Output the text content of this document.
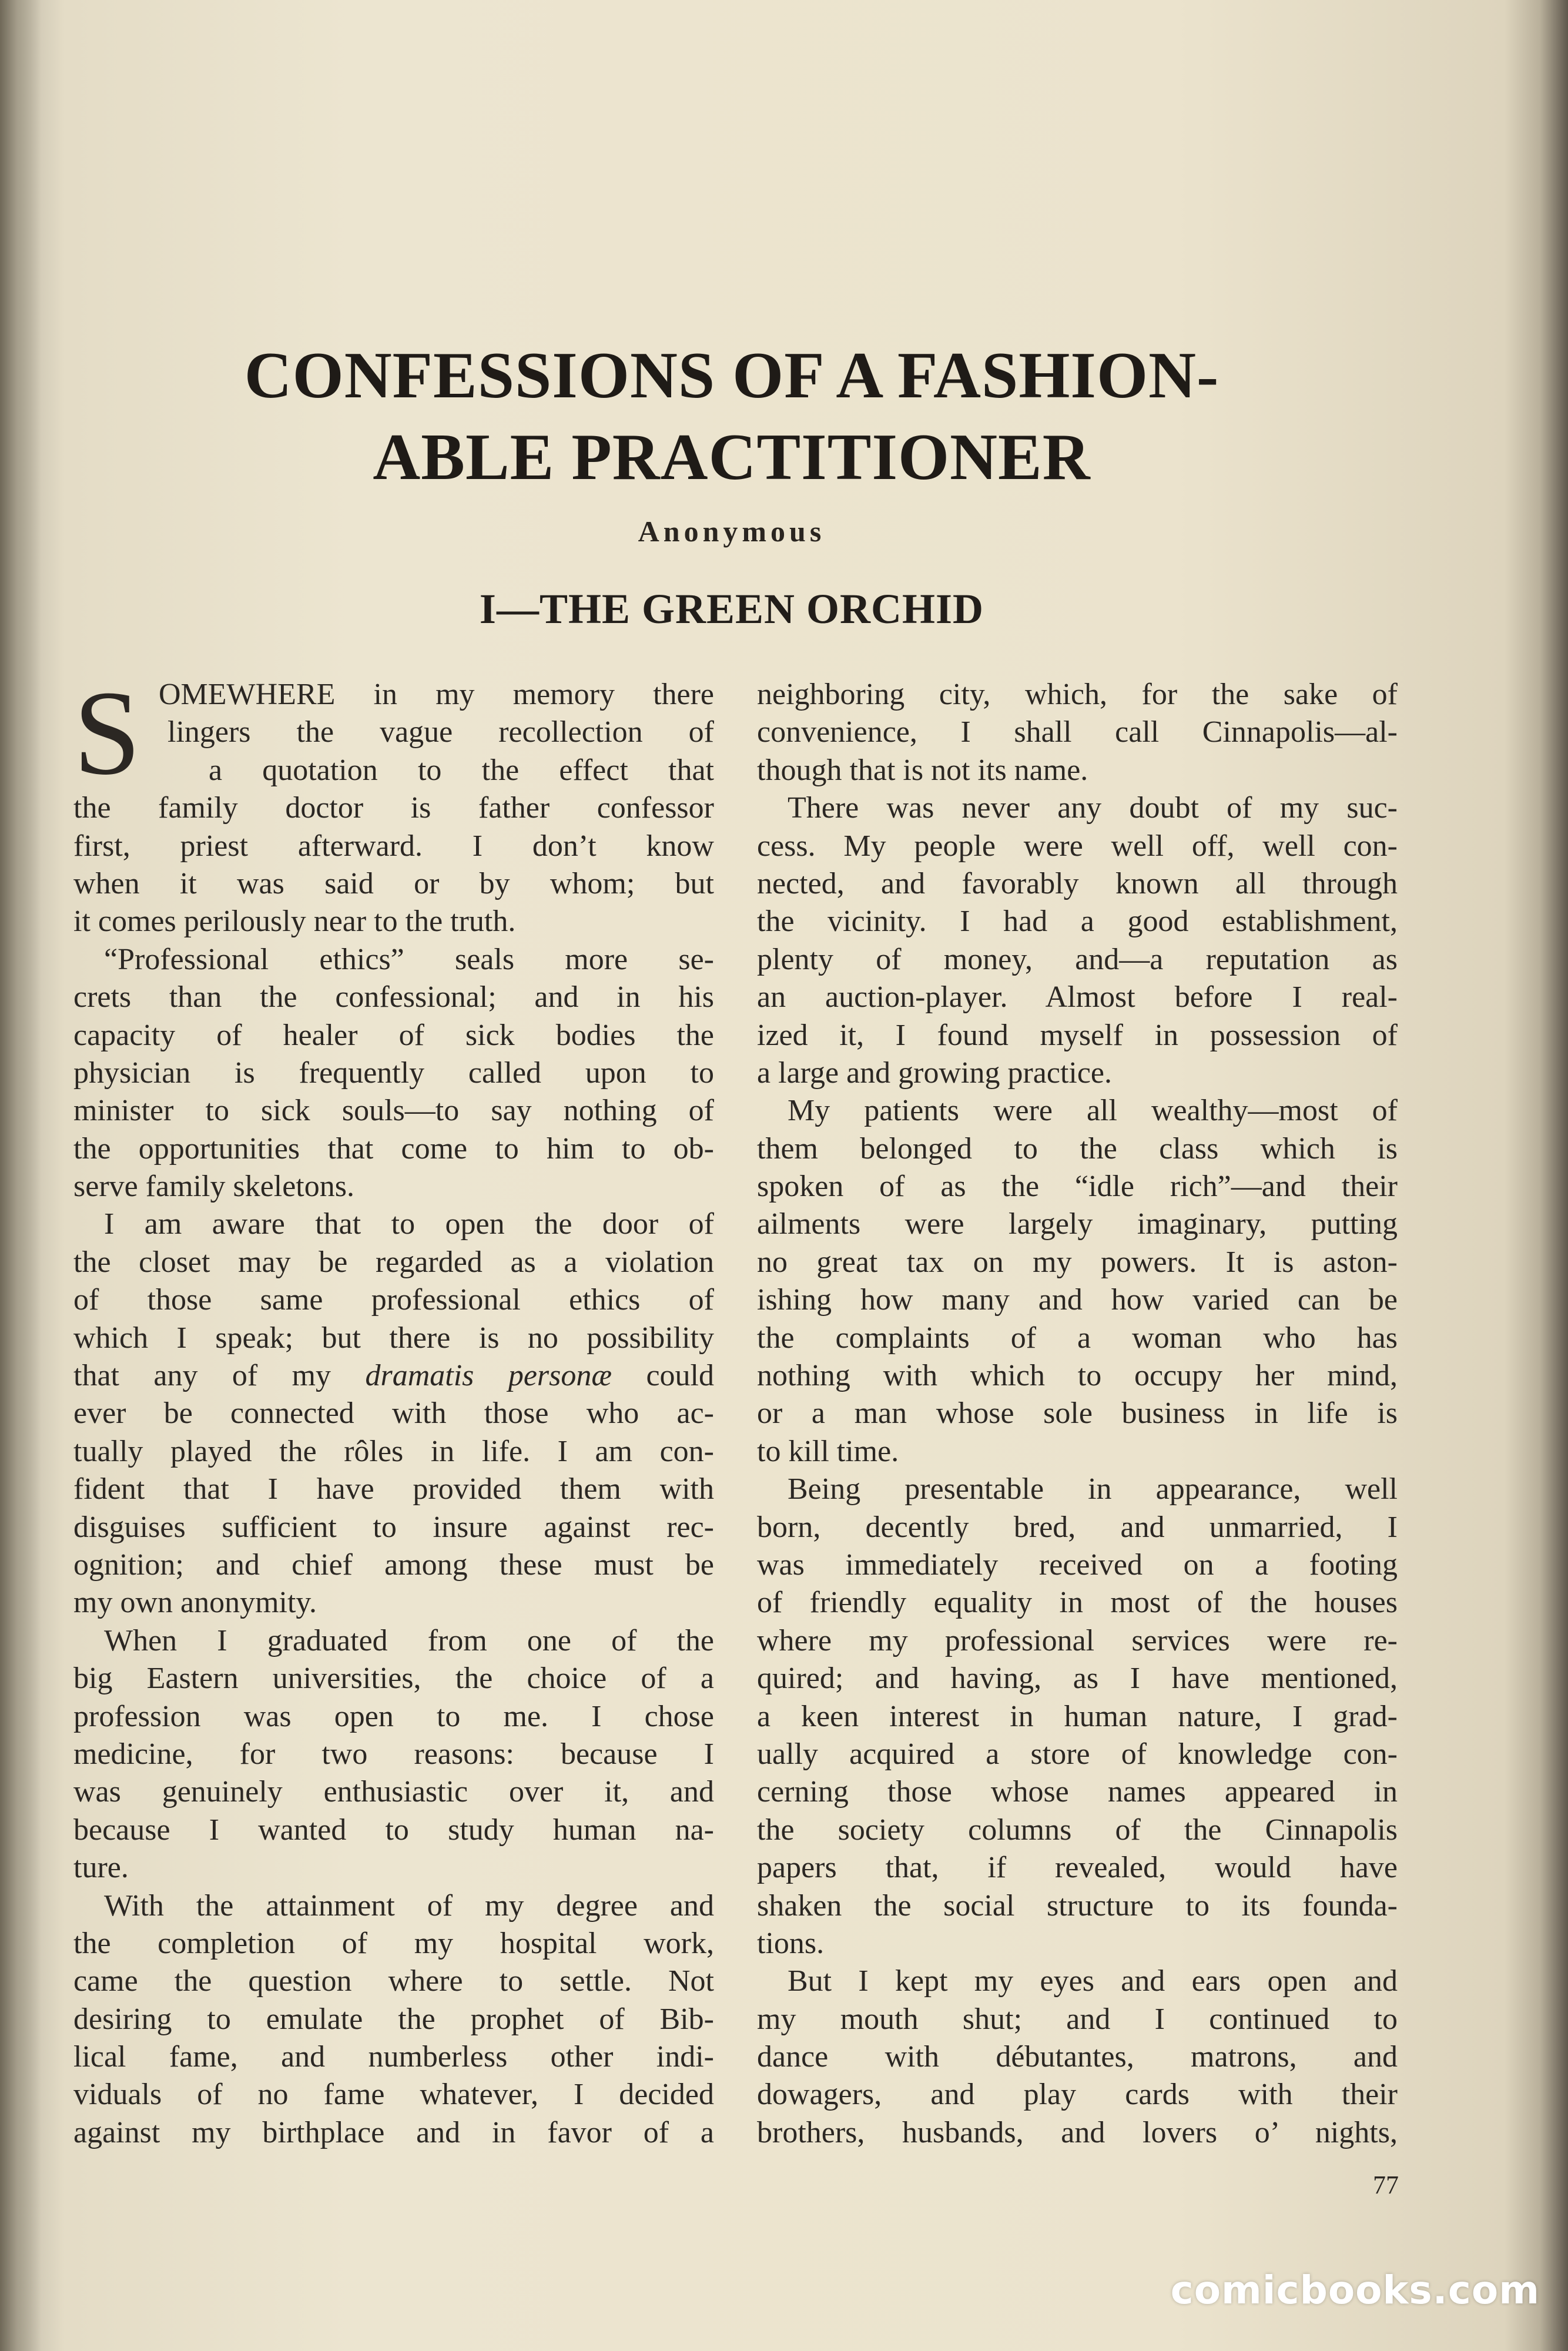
CONFESSIONS OF A FASHION-
ABLE PRACTITIONER
Anonymous
I—THE GREEN ORCHID
S OMEWHERE in my memory there
lingers the vague recollection of
a quotation to the effect that
the family doctor is father confessor
first, priest afterward. I don’t know
when it was said or by whom; but
it comes perilously near to the truth.
“Professional ethics” seals more se-
crets than the confessional; and in his
capacity of healer of sick bodies the
physician is frequently called upon to
minister to sick souls—to say nothing of
the opportunities that come to him to ob-
serve family skeletons.
I am aware that to open the door of
the closet may be regarded as a violation
of those same professional ethics of
which I speak; but there is no possibility
that any of my dramatis personæ could
ever be connected with those who ac-
tually played the rôles in life. I am con-
fident that I have provided them with
disguises sufficient to insure against rec-
ognition; and chief among these must be
my own anonymity.
When I graduated from one of the
big Eastern universities, the choice of a
profession was open to me. I chose
medicine, for two reasons: because I
was genuinely enthusiastic over it, and
because I wanted to study human na-
ture.
With the attainment of my degree and
the completion of my hospital work,
came the question where to settle. Not
desiring to emulate the prophet of Bib-
lical fame, and numberless other indi-
viduals of no fame whatever, I decided
against my birthplace and in favor of a
neighboring city, which, for the sake of
convenience, I shall call Cinnapolis—al-
though that is not its name.
There was never any doubt of my suc-
cess. My people were well off, well con-
nected, and favorably known all through
the vicinity. I had a good establishment,
plenty of money, and—a reputation as
an auction-player. Almost before I real-
ized it, I found myself in possession of
a large and growing practice.
My patients were all wealthy—most of
them belonged to the class which is
spoken of as the “idle rich”—and their
ailments were largely imaginary, putting
no great tax on my powers. It is aston-
ishing how many and how varied can be
the complaints of a woman who has
nothing with which to occupy her mind,
or a man whose sole business in life is
to kill time.
Being presentable in appearance, well
born, decently bred, and unmarried, I
was immediately received on a footing
of friendly equality in most of the houses
where my professional services were re-
quired; and having, as I have mentioned,
a keen interest in human nature, I grad-
ually acquired a store of knowledge con-
cerning those whose names appeared in
the society columns of the Cinnapolis
papers that, if revealed, would have
shaken the social structure to its founda-
tions.
But I kept my eyes and ears open and
my mouth shut; and I continued to
dance with débutantes, matrons, and
dowagers, and play cards with their
brothers, husbands, and lovers o’ nights,
77
comicbooks.com
